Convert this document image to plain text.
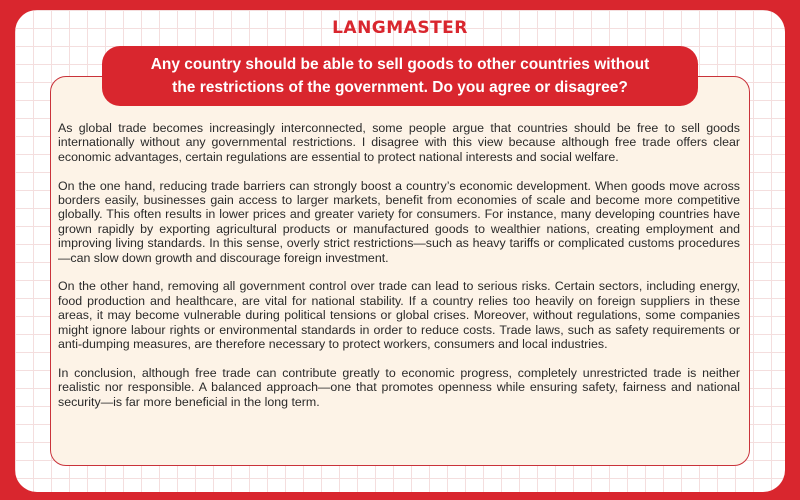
LANGMASTER
Any country should be able to sell goods to other countries without
the restrictions of the government. Do you agree or disagree?

As global trade becomes increasingly interconnected, some people argue that countries should be free to sell goods internationally without any governmental restrictions. I disagree with this view because although free trade offers clear economic advantages, certain regulations are essential to protect national interests and social welfare.

On the one hand, reducing trade barriers can strongly boost a country’s economic development. When goods move across borders easily, businesses gain access to larger markets, benefit from economies of scale and become more competitive globally. This often results in lower prices and greater variety for consumers. For instance, many developing countries have grown rapidly by exporting agricultural products or manufactured goods to wealthier nations, creating employment and improving living standards. In this sense, overly strict restrictions—such as heavy tariffs or complicated customs procedures—can slow down growth and discourage foreign investment.

On the other hand, removing all government control over trade can lead to serious risks. Certain sectors, including energy, food production and healthcare, are vital for national stability. If a country relies too heavily on foreign suppliers in these areas, it may become vulnerable during political tensions or global crises. Moreover, without regulations, some companies might ignore labour rights or environmental standards in order to reduce costs. Trade laws, such as safety requirements or anti-dumping measures, are therefore necessary to protect workers, consumers and local industries.

In conclusion, although free trade can contribute greatly to economic progress, completely unrestricted trade is neither realistic nor responsible. A balanced approach—one that promotes openness while ensuring safety, fairness and national security—is far more beneficial in the long term.
